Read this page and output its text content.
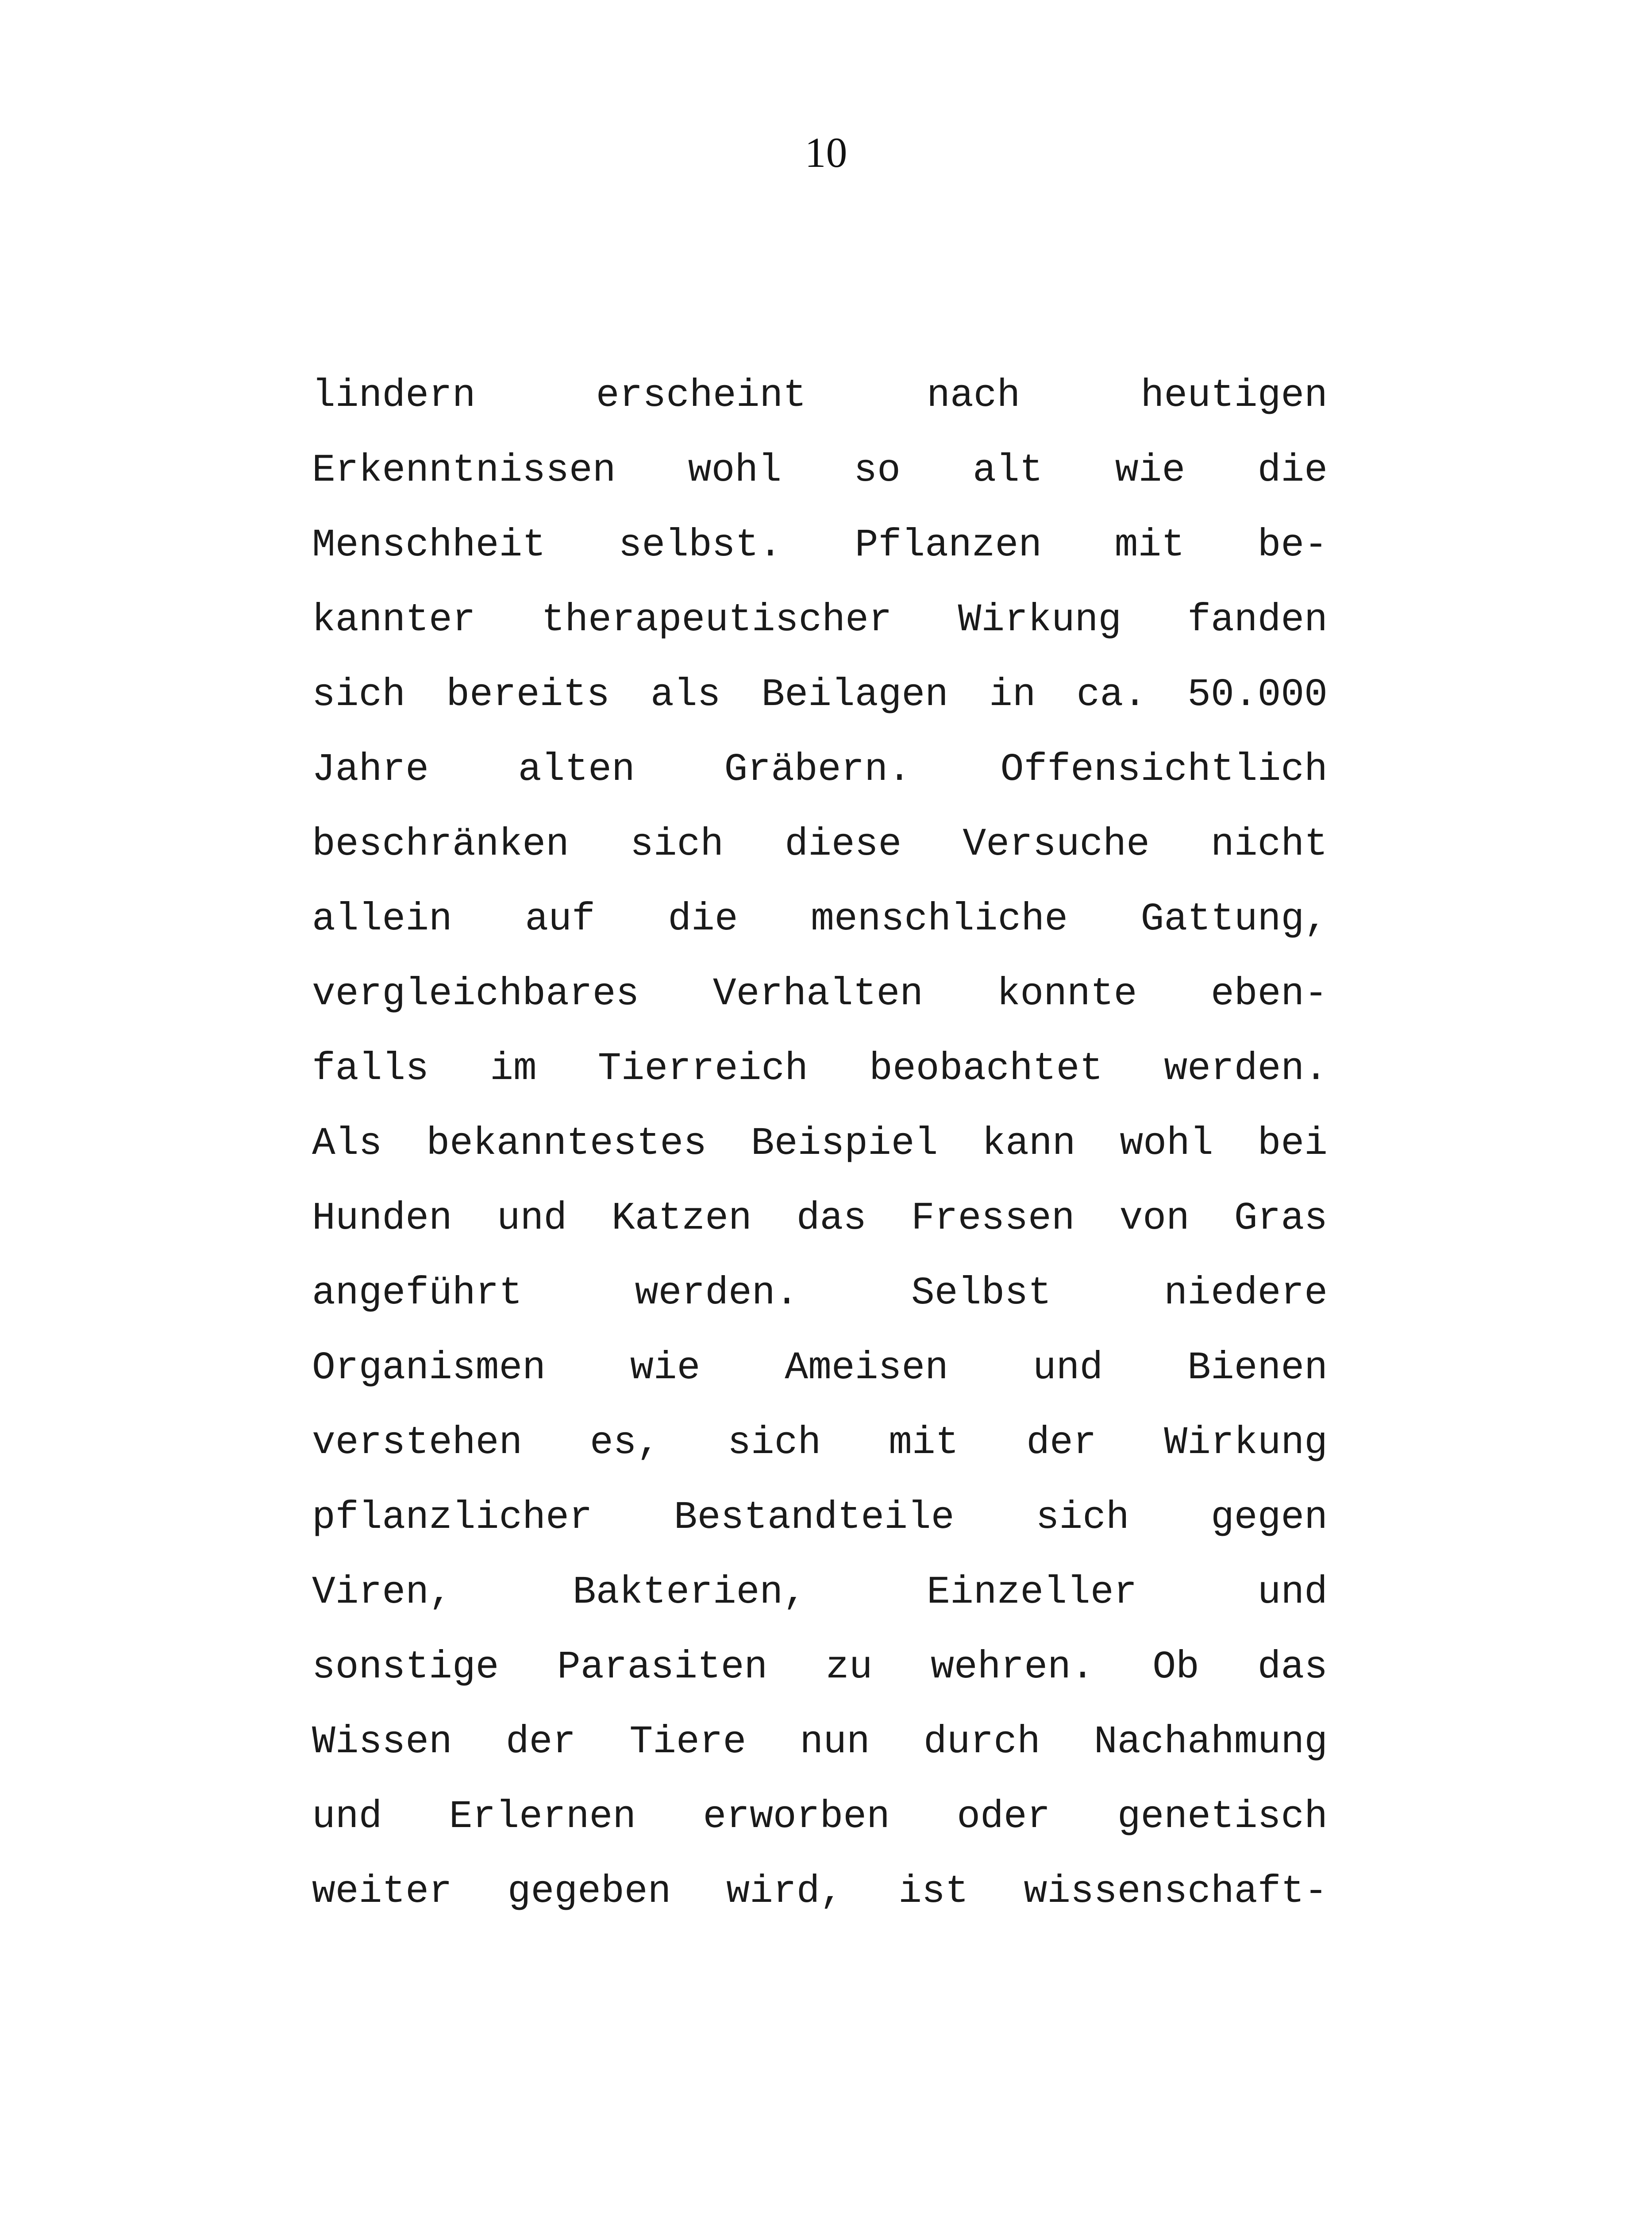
10
lindern erscheint nach heutigen
Erkenntnissen wohl so alt wie die
Menschheit selbst. Pflanzen mit be-
kannter therapeutischer Wirkung fanden
sich bereits als Beilagen in ca. 50.000
Jahre alten Gräbern. Offensichtlich
beschränken sich diese Versuche nicht
allein auf die menschliche Gattung,
vergleichbares Verhalten konnte eben-
falls im Tierreich beobachtet werden.
Als bekanntestes Beispiel kann wohl bei
Hunden und Katzen das Fressen von Gras
angeführt werden. Selbst niedere
Organismen wie Ameisen und Bienen
verstehen es, sich mit der Wirkung
pflanzlicher Bestandteile sich gegen
Viren, Bakterien, Einzeller und
sonstige Parasiten zu wehren. Ob das
Wissen der Tiere nun durch Nachahmung
und Erlernen erworben oder genetisch
weiter gegeben wird, ist wissenschaft-
